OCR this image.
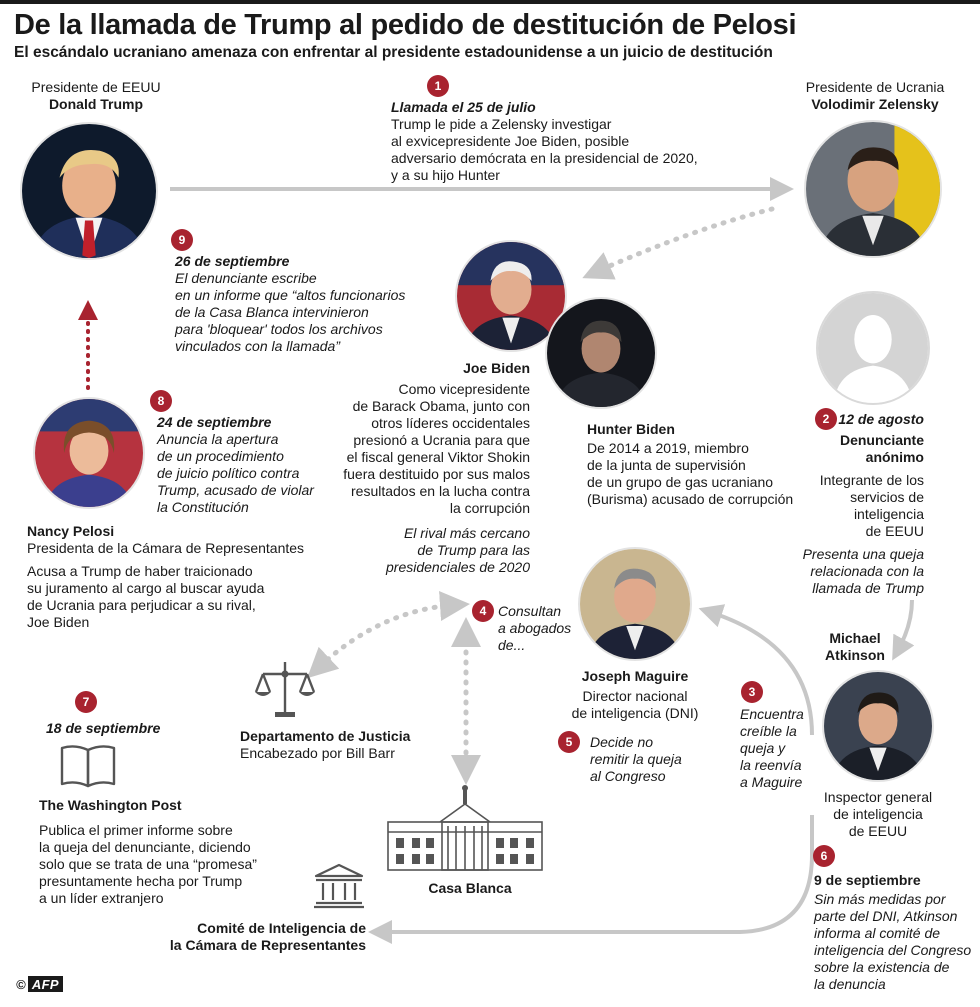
De la llamada de Trump al pedido de destitución de Pelosi
El escándalo ucraniano amenaza con enfrentar al presidente estadounidense a un juicio de destitución
Presidente de EEUU
Donald Trump
Presidente de Ucrania
Volodimir Zelensky
1
Llamada el 25 de julio
Trump le pide a Zelensky investigar
al exvicepresidente Joe Biden, posible
adversario demócrata en la presidencial de 2020,
y a su hijo Hunter
9
26 de septiembre
El denunciante escribe
en un informe que “altos funcionarios
de la Casa Blanca intervinieron
para 'bloquear' todos los archivos
vinculados con la llamada”
8
24 de septiembre
Anuncia la apertura
de un procedimiento
de juicio político contra
Trump, acusado de violar
la Constitución
Nancy Pelosi
Presidenta de la Cámara de Representantes
Acusa a Trump de haber traicionado
su juramento al cargo al buscar ayuda
de Ucrania para perjudicar a su rival,
Joe Biden
Joe Biden
Como vicepresidente
de Barack Obama, junto con
otros líderes occidentales
presionó a Ucrania para que
el fiscal general Viktor Shokin
fuera destituido por sus malos
resultados en la lucha contra
la corrupción
El rival más cercano
de Trump para las
presidenciales de 2020
Hunter Biden
De 2014 a 2019, miembro
de la junta de supervisión
de un grupo de gas ucraniano
(Burisma) acusado de corrupción
2 12 de agosto
Denunciante
anónimo
Integrante de los
servicios de
inteligencia
de EEUU
Presenta una queja
relacionada con la
llamada de Trump
Michael
Atkinson
Inspector general
de inteligencia
de EEUU
3
Encuentra
creíble la
queja y
la reenvía
a Maguire
Joseph Maguire
Director nacional
de inteligencia (DNI)
5	Decide no
remitir la queja
al Congreso
4 Consultan
a abogados
de...
Departamento de Justicia
Encabezado por Bill Barr
Casa Blanca
7
18 de septiembre
The Washington Post
Publica el primer informe sobre
la queja del denunciante, diciendo
solo que se trata de una “promesa”
presuntamente hecha por Trump
a un líder extranjero
Comité de Inteligencia de
la Cámara de Representantes
6
9 de septiembre
Sin más medidas por
parte del DNI, Atkinson
informa al comité de
inteligencia del Congreso
sobre la existencia de
la denuncia
© AFP
